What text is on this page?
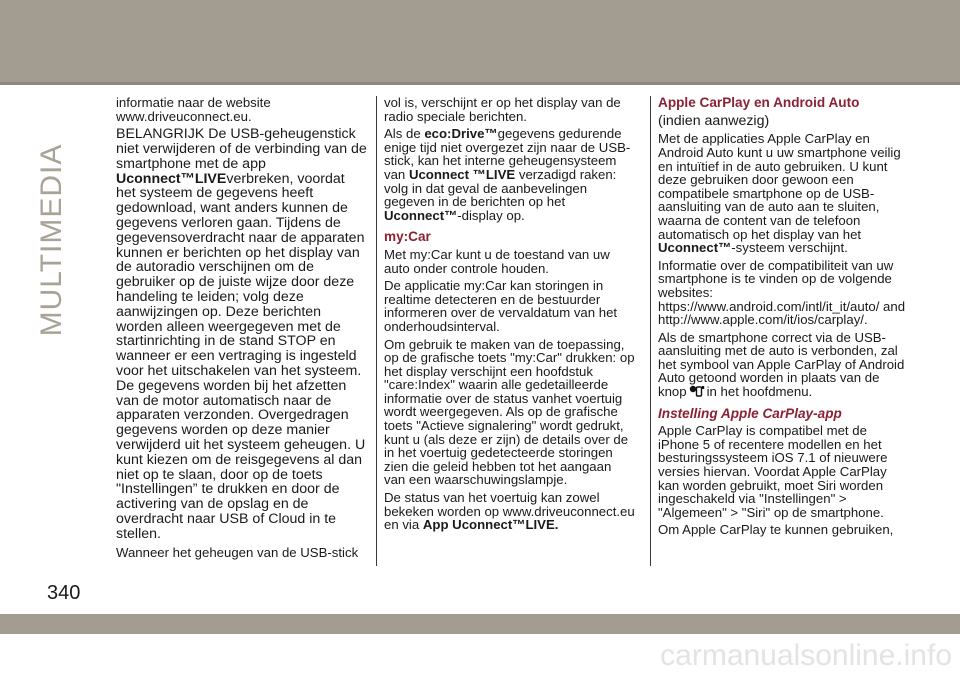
MULTIMEDIA

informatie naar de website www.driveuconnect.eu.

BELANGRIJK De USB-geheugenstick niet verwijderen of de verbinding van de smartphone met de app Uconnect™LIVEverbreken, voordat het systeem de gegevens heeft gedownload, want anders kunnen de gegevens verloren gaan. Tijdens de gegevensoverdracht naar de apparaten kunnen er berichten op het display van de autoradio verschijnen om de gebruiker op de juiste wijze door deze handeling te leiden; volg deze aanwijzingen op. Deze berichten worden alleen weergegeven met de startinrichting in de stand STOP en wanneer er een vertraging is ingesteld voor het uitschakelen van het systeem. De gegevens worden bij het afzetten van de motor automatisch naar de apparaten verzonden. Overgedragen gegevens worden op deze manier verwijderd uit het systeem geheugen. U kunt kiezen om de reisgegevens al dan niet op te slaan, door op de toets "Instellingen” te drukken en door de activering van de opslag en de overdracht naar USB of Cloud in te stellen.

Wanneer het geheugen van de USB-stick

vol is, verschijnt er op het display van de radio speciale berichten.

Als de eco:Drive™gegevens gedurende enige tijd niet overgezet zijn naar de USB-stick, kan het interne geheugensysteem van Uconnect ™LIVE verzadigd raken: volg in dat geval de aanbevelingen gegeven in de berichten op het Uconnect™-display op.

my:Car

Met my:Car kunt u de toestand van uw auto onder controle houden.

De applicatie my:Car kan storingen in realtime detecteren en de bestuurder informeren over de vervaldatum van het onderhoudsinterval.

Om gebruik te maken van de toepassing, op de grafische toets "my:Car" drukken: op het display verschijnt een hoofdstuk "care:Index" waarin alle gedetailleerde informatie over de status vanhet voertuig wordt weergegeven. Als op de grafische toets "Actieve signalering" wordt gedrukt, kunt u (als deze er zijn) de details over de in het voertuig gedetecteerde storingen zien die geleid hebben tot het aangaan van een waarschuwingslampje.

De status van het voertuig kan zowel bekeken worden op www.driveuconnect.eu en via App Uconnect™LIVE.

Apple CarPlay en Android Auto

(indien aanwezig)

Met de applicaties Apple CarPlay en Android Auto kunt u uw smartphone veilig en intuïtief in de auto gebruiken. U kunt deze gebruiken door gewoon een compatibele smartphone op de USB-aansluiting van de auto aan te sluiten, waarna de content van de telefoon automatisch op het display van het Uconnect™-systeem verschijnt.

Informatie over de compatibiliteit van uw smartphone is te vinden op de volgende websites: https://www.android.com/intl/it_it/auto/ and http://www.apple.com/it/ios/carplay/.

Als de smartphone correct via de USB-aansluiting met de auto is verbonden, zal het symbool van Apple CarPlay of Android Auto getoond worden in plaats van de knop in het hoofdmenu.

Instelling Apple CarPlay-app

Apple CarPlay is compatibel met de iPhone 5 of recentere modellen en het besturingssysteem iOS 7.1 of nieuwere versies hiervan. Voordat Apple CarPlay kan worden gebruikt, moet Siri worden ingeschakeld via "Instellingen" > "Algemeen" > "Siri" op de smartphone.

Om Apple CarPlay te kunnen gebruiken,

340
carmanualsonline.info
